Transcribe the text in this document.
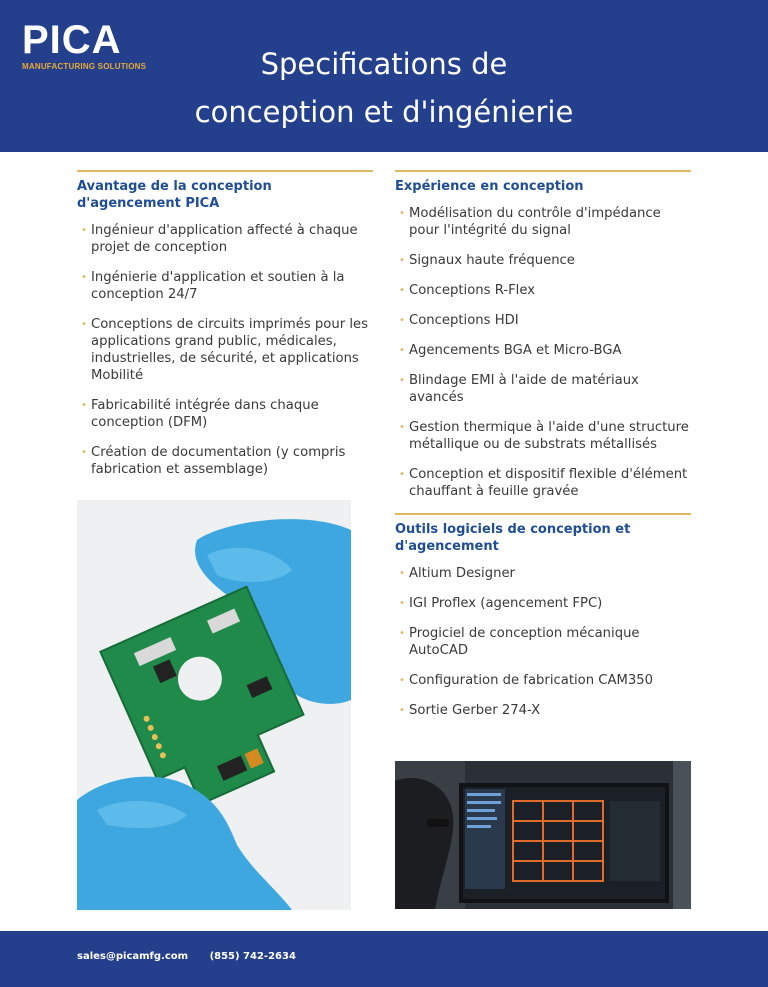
PICA
MANUFACTURING SOLUTIONS	Specifications de
conception et d'ingénierie
Avantage de la conception
d'agencement PICA
• Ingénieur d'application affecté à chaque projet de conception
• Ingénierie d'application et soutien à la conception 24/7
• Conceptions de circuits imprimés pour les applications grand public, médicales, industrielles, de sécurité, et applications Mobilité
• Fabricabilité intégrée dans chaque conception (DFM)
• Création de documentation (y compris fabrication et assemblage)
Expérience en conception
• Modélisation du contrôle d'impédance pour l'intégrité du signal
• Signaux haute fréquence
• Conceptions R-Flex
• Conceptions HDI
• Agencements BGA et Micro-BGA
• Blindage EMI à l'aide de matériaux avancés
• Gestion thermique à l'aide d'une structure métallique ou de substrats métallisés
• Conception et dispositif flexible d'élément chauffant à feuille gravée
Outils logiciels de conception et
d'agencement
• Altium Designer
• IGI Proflex (agencement FPC)
• Progiciel de conception mécanique AutoCAD
• Configuration de fabrication CAM350
• Sortie Gerber 274-X
sales@picamfg.com (855) 742-2634
